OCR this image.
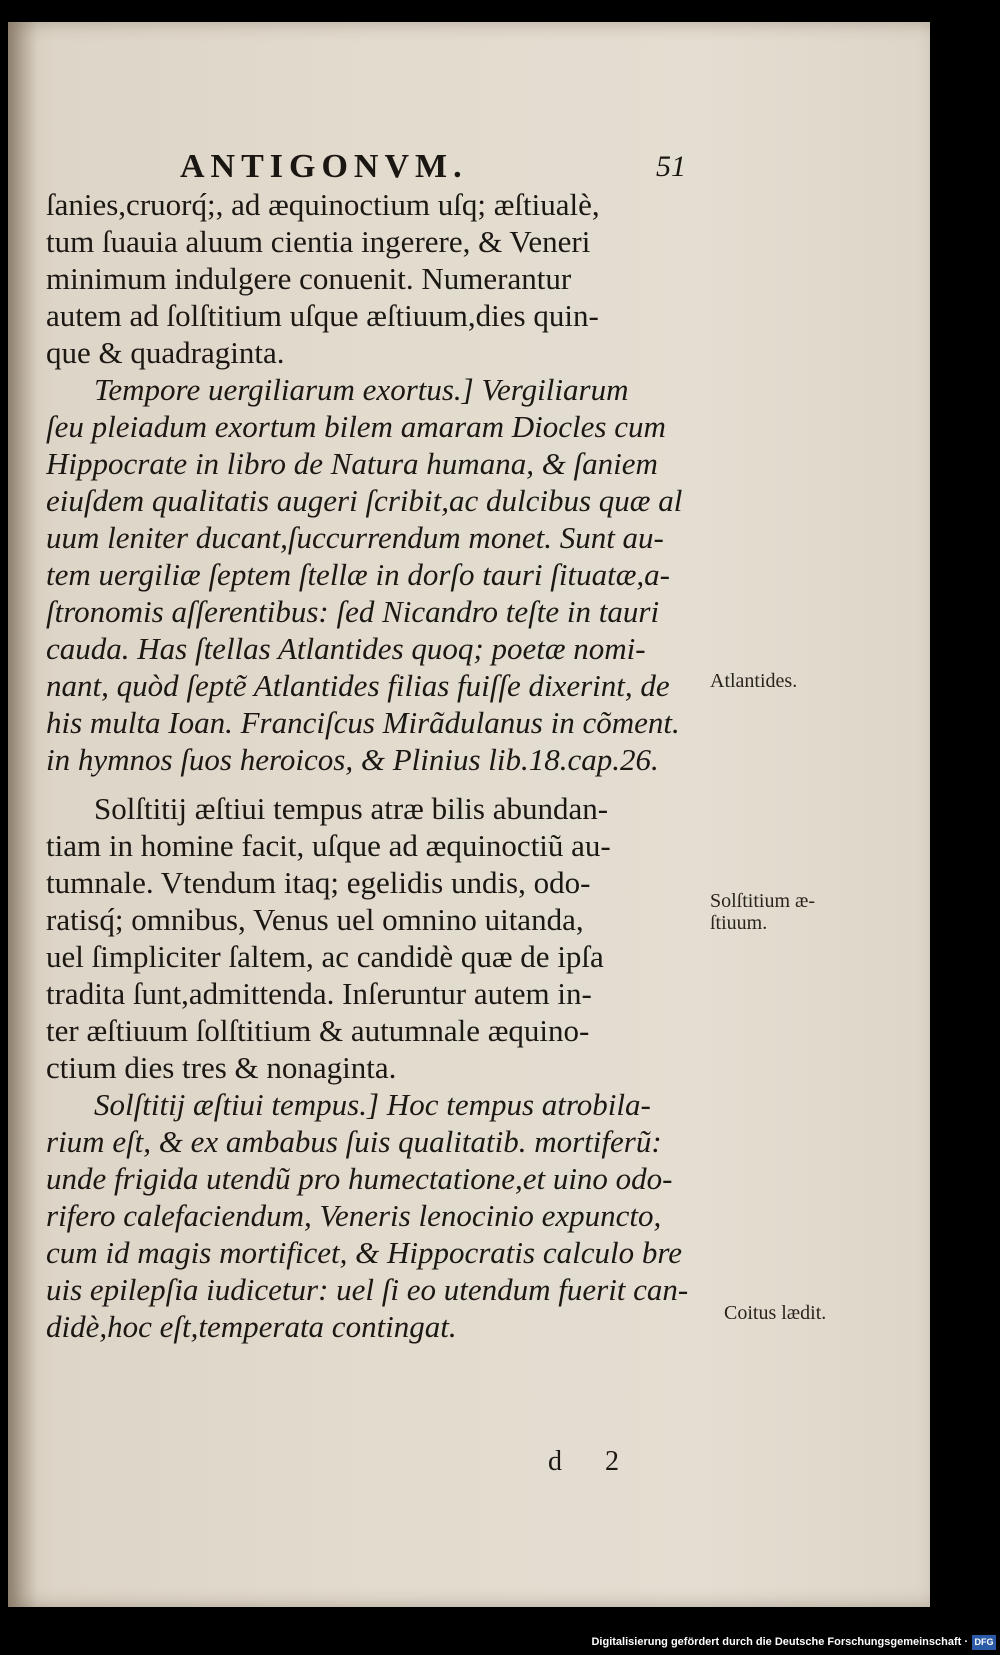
ANTIGONVM.	51
ſanies,cruorq́;, ad æquinoctium uſq; æſtiualè,
tum ſuauia aluum cientia ingerere, & Veneri
minimum indulgere conuenit. Numerantur
autem ad ſolſtitium uſque æſtiuum,dies quin-
que & quadraginta.
Tempore uergiliarum exortus.] Vergiliarum
ſeu pleiadum exortum bilem amaram Diocles cum
Hippocrate in libro de Natura humana, & ſaniem
eiuſdem qualitatis augeri ſcribit,ac dulcibus quæ al
uum leniter ducant,ſuccurrendum monet. Sunt au-
tem uergiliæ ſeptem ſtellæ in dorſo tauri ſituatæ,a-
ſtronomis aſſerentibus: ſed Nicandro teſte in tauri
cauda. Has ſtellas Atlantides quoq; poetæ nomi-
nant, quòd ſeptẽ Atlantides filias fuiſſe dixerint, de
his multa Ioan. Franciſcus Mirãdulanus in cõment.
in hymnos ſuos heroicos, & Plinius lib.18.cap.26.
Solſtitij æſtiui tempus atræ bilis abundan-
tiam in homine facit, uſque ad æquinoctiũ au-
tumnale. Vtendum itaq; egelidis undis, odo-
ratisq́; omnibus, Venus uel omnino uitanda,
uel ſimpliciter ſaltem, ac candidè quæ de ipſa
tradita ſunt,admittenda. Inſeruntur autem in-
ter æſtiuum ſolſtitium & autumnale æquino-
ctium dies tres & nonaginta.
Solſtitij æſtiui tempus.] Hoc tempus atrobila-
rium eſt, & ex ambabus ſuis qualitatib. mortiferũ:
unde frigida utendũ pro humectatione,et uino odo-
rifero calefaciendum, Veneris lenocinio expuncto,
cum id magis mortificet, & Hippocratis calculo bre
uis epilepſia iudicetur: uel ſi eo utendum fuerit can-
didè,hoc eſt,temperata contingat.
Atlantides.
Solſtitium æ-
ſtiuum.
Coitus lædit.
d 2
Digitalisierung gefördert durch die Deutsche Forschungsgemeinschaft · DFG
